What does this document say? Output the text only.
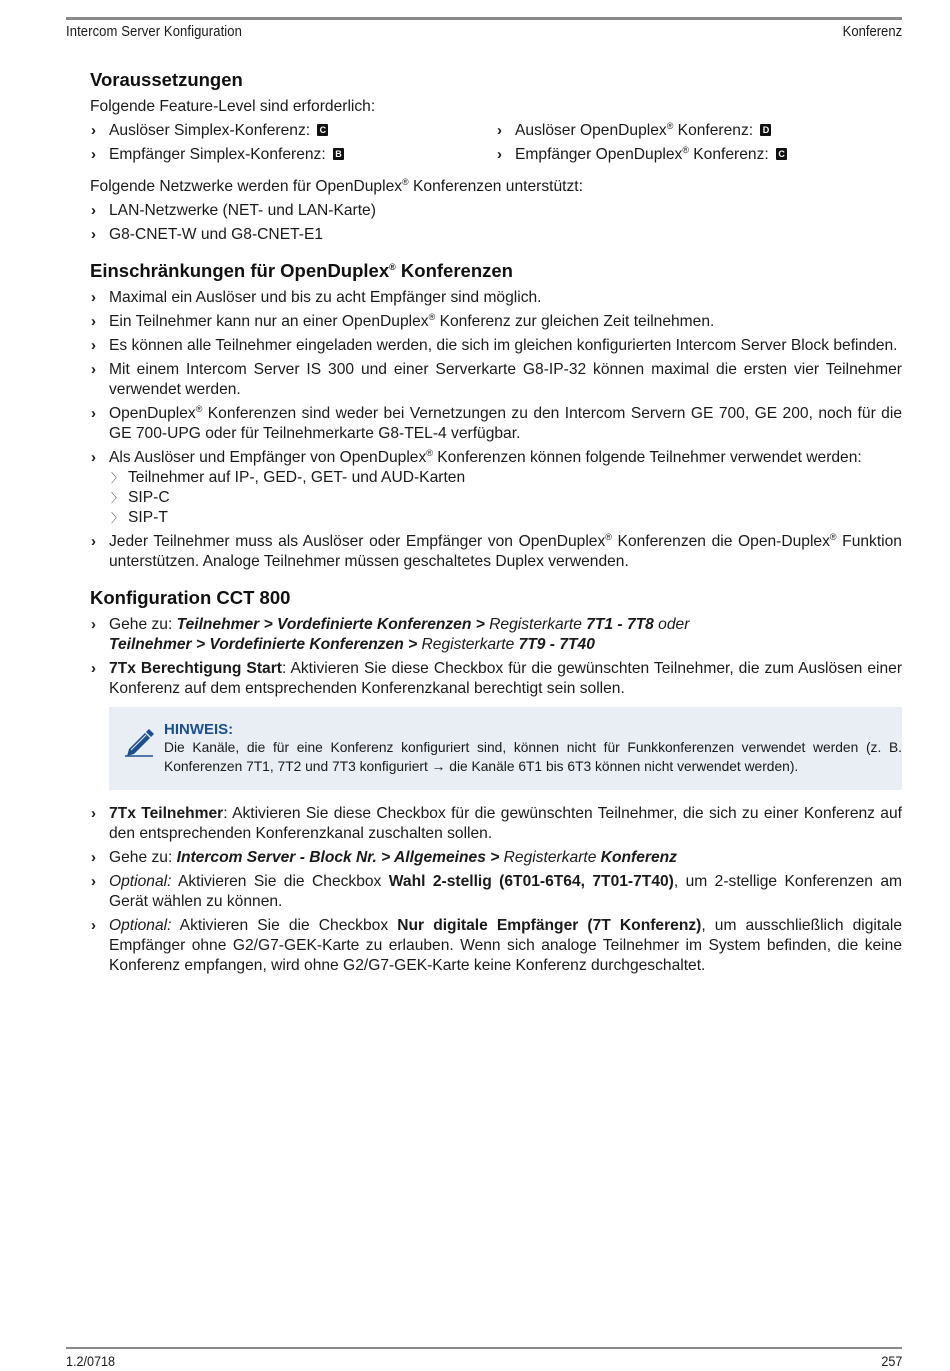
Intercom Server Konfiguration	Konferenz
Voraussetzungen

Folgende Feature-Level sind erforderlich:

› Auslöser Simplex-Konferenz: C
› Empfänger Simplex-Konferenz: B
› Auslöser OpenDuplex® Konferenz: D
› Empfänger OpenDuplex® Konferenz: C

Folgende Netzwerke werden für OpenDuplex® Konferenzen unterstützt:

› LAN-Netzwerke (NET- und LAN-Karte)
› G8-CNET-W und G8-CNET-E1
Einschränkungen für OpenDuplex® Konferenzen
› Maximal ein Auslöser und bis zu acht Empfänger sind möglich.
› Ein Teilnehmer kann nur an einer OpenDuplex® Konferenz zur gleichen Zeit teilnehmen.
› Es können alle Teilnehmer eingeladen werden, die sich im gleichen konfigurierten Intercom Server Block befinden.
› Mit einem Intercom Server IS 300 und einer Serverkarte G8-IP-32 können maximal die ersten vier Teilnehmer verwendet werden.
› OpenDuplex® Konferenzen sind weder bei Vernetzungen zu den Intercom Servern GE 700, GE 200, noch für die GE 700-UPG oder für Teilnehmerkarte G8-TEL-4 verfügbar.
› Als Auslöser und Empfänger von OpenDuplex® Konferenzen können folgende Teilnehmer verwendet werden:
〉 Teilnehmer auf IP-, GED-, GET- und AUD-Karten
〉 SIP-C
〉 SIP-T
› Jeder Teilnehmer muss als Auslöser oder Empfänger von OpenDuplex® Konferenzen die Open-Duplex® Funktion unterstützen. Analoge Teilnehmer müssen geschaltetes Duplex verwenden.
Konfiguration CCT 800
› Gehe zu: Teilnehmer > Vordefinierte Konferenzen > Registerkarte 7T1 - 7T8 oder
Teilnehmer > Vordefinierte Konferenzen > Registerkarte 7T9 - 7T40
› 7Tx Berechtigung Start: Aktivieren Sie diese Checkbox für die gewünschten Teilnehmer, die zum Auslösen einer Konferenz auf dem entsprechenden Konferenzkanal berechtigt sein sollen.
HINWEIS:
Die Kanäle, die für eine Konferenz konfiguriert sind, können nicht für Funkkonferenzen verwendet werden (z. B. Konferenzen 7T1, 7T2 und 7T3 konfiguriert → die Kanäle 6T1 bis 6T3 können nicht verwendet werden).
› 7Tx Teilnehmer: Aktivieren Sie diese Checkbox für die gewünschten Teilnehmer, die sich zu einer Konferenz auf den entsprechenden Konferenzkanal zuschalten sollen.
› Gehe zu: Intercom Server - Block Nr. > Allgemeines > Registerkarte Konferenz
› Optional: Aktivieren Sie die Checkbox Wahl 2-stellig (6T01-6T64, 7T01-7T40), um 2-stellige Konferenzen am Gerät wählen zu können.
› Optional: Aktivieren Sie die Checkbox Nur digitale Empfänger (7T Konferenz), um ausschließlich digitale Empfänger ohne G2/G7-GEK-Karte zu erlauben. Wenn sich analoge Teilnehmer im System befinden, die keine Konferenz empfangen, wird ohne G2/G7-GEK-Karte keine Konferenz durchgeschaltet.
1.2/0718	257
